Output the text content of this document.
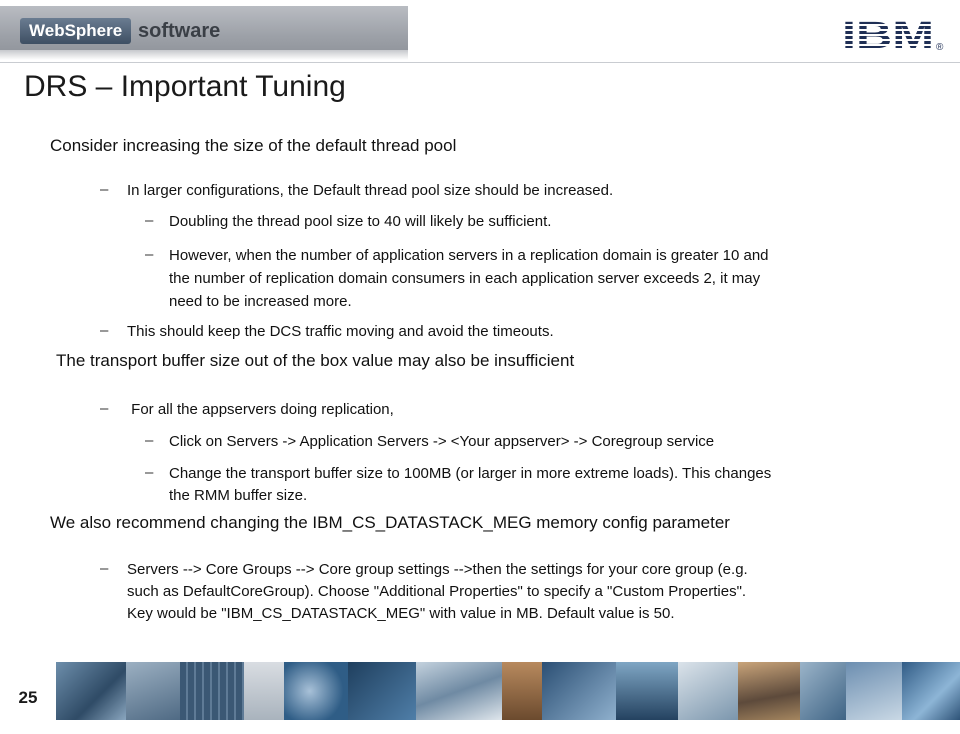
WebSphere software	IBM ®
DRS – Important Tuning
Consider increasing the size of the default thread pool
– In larger configurations, the Default thread pool size should be increased.
– Doubling the thread pool size to 40 will likely be sufficient.
– However, when the number of application servers in a replication domain is greater 10 and
the number of replication domain consumers in each application server exceeds 2, it may
need to be increased more.
– This should keep the DCS traffic moving and avoid the timeouts.
The transport buffer size out of the box value may also be insufficient
– For all the appservers doing replication,
– Click on Servers -> Application Servers -> <Your appserver> -> Coregroup service
– Change the transport buffer size to 100MB (or larger in more extreme loads). This changes
the RMM buffer size.
We also recommend changing the IBM_CS_DATASTACK_MEG memory config parameter
– Servers --> Core Groups --> Core group settings -->then the settings for your core group (e.g.
such as DefaultCoreGroup). Choose "Additional Properties" to specify a "Custom Properties".
Key would be "IBM_CS_DATASTACK_MEG" with value in MB. Default value is 50.
25
